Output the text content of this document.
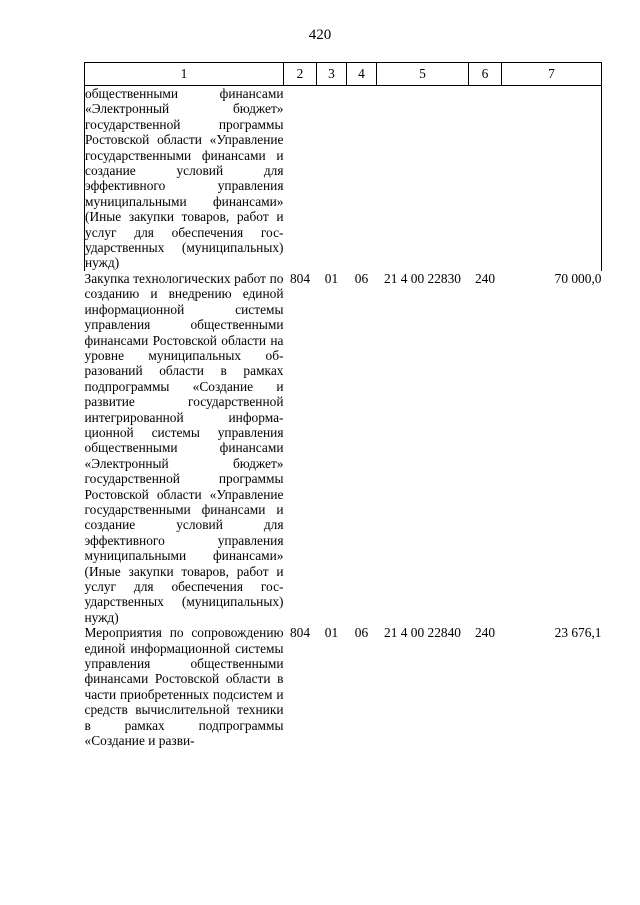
420
1	2	3	4	5	6	7
общественными финансами «Электронный бюджет» государственной программы Ростовской области «Управление государственными финансами и создание условий для эффективного управления муниципальными финансами» (Иные закупки товаров, работ и услуг для обеспечения государственных (муниципальных) нужд)						
Закупка технологических работ по созданию и внедрению единой информационной системы управления общественными финансами Ростовской области на уровне муниципальных образований области в рамках подпрограммы «Создание и развитие государственной интегрированной информационной системы управления общественными финансами «Электронный бюджет» государственной программы Ростовской области «Управление государственными финансами и создание условий для эффективного управления муниципальными финансами» (Иные закупки товаров, работ и услуг для обеспечения государственных (муниципальных) нужд)	804	01	06	21 4 00 22830	240	70 000,0
Мероприятия по сопровождению единой информационной системы управления общественными финансами Ростовской области в части приобретенных подсистем и средств вычислительной техники в рамках подпрограммы «Создание и разви-	804	01	06	21 4 00 22840	240	23 676,1
